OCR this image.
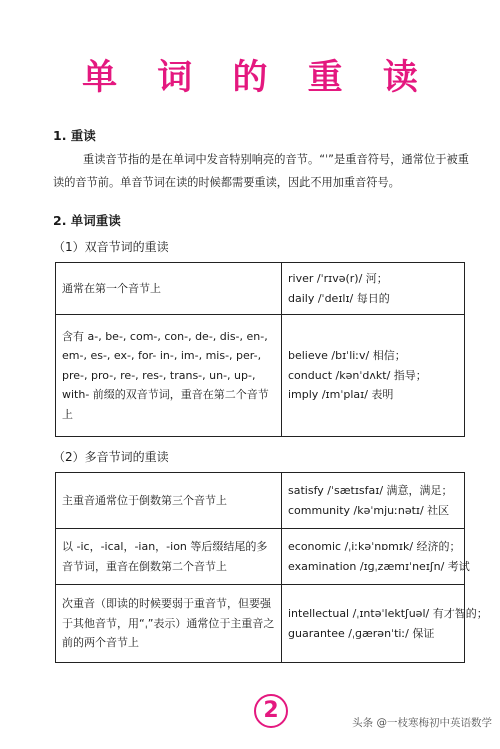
单 词 的 重 读
1. 重读
重读音节指的是在单词中发音特别响亮的音节。“ˈ”是重音符号，通常位于被重读的音节前。单音节词在读的时候都需要重读，因此不用加重音符号。
2. 单词重读
（1）双音节词的重读
通常在第一个音节上	river /ˈrɪvə(r)/ 河；
daily /ˈdeɪlɪ/ 每日的

含有 a-, be-, com-, con-, de-, dis-, en-, em-, es-, ex-, for- in-, im-, mis-, per-, pre-, pro-, re-, res-, trans-, un-, up-, with- 前缀的双音节词，重音在第二个音节上	believe /bɪˈliːv/ 相信；
conduct /kənˈdʌkt/ 指导；
imply /ɪmˈplaɪ/ 表明
（2）多音节词的重读
主重音通常位于倒数第三个音节上	satisfy /ˈsætɪsfaɪ/ 满意，满足；
community /kəˈmjuːnətɪ/ 社区

以 -ic，-ical，-ian，-ion 等后缀结尾的多音节词，重音在倒数第二个音节上	economic /ˌiːkəˈnɒmɪk/ 经济的；
examination /ɪɡˌzæmɪˈneɪʃn/ 考试

次重音（即读的时候要弱于重音节，但要强于其他音节，用“ˌ”表示）通常位于主重音之前的两个音节上	intellectual /ˌɪntəˈlektʃuəl/ 有才智的；
guarantee /ˌɡærənˈtiː/ 保证
2	头条 @一枝寒梅初中英语数学
